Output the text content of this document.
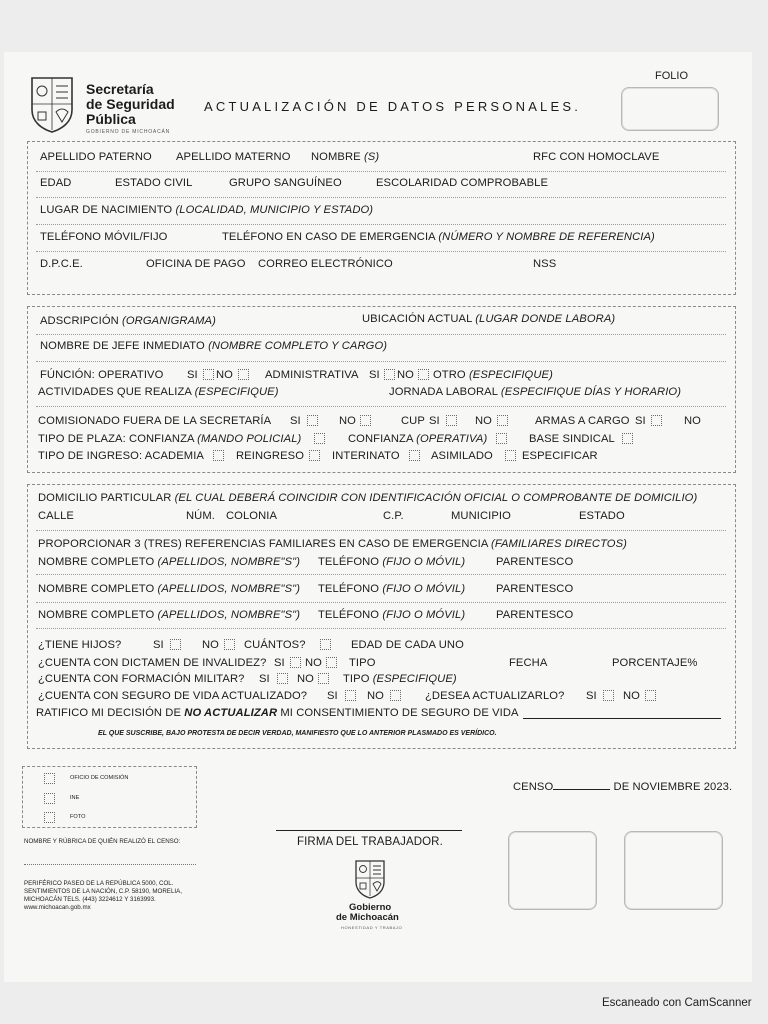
Secretaría
de Seguridad
Pública
GOBIERNO DE MICHOACÁN
ACTUALIZACIÓN DE DATOS PERSONALES.
FOLIO
APELLIDO PATERNO APELLIDO MATERNO NOMBRE (S)	RFC CON HOMOCLAVE
EDAD	ESTADO CIVIL	GRUPO SANGUÍNEO	ESCOLARIDAD COMPROBABLE
LUGAR DE NACIMIENTO (LOCALIDAD, MUNICIPIO Y ESTADO)
TELÉFONO MÓVIL/FIJO	TELÉFONO EN CASO DE EMERGENCIA (NÚMERO Y NOMBRE DE REFERENCIA)
D.P.C.E.	OFICINA DE PAGO CORREO ELECTRÓNICO	NSS
ADSCRIPCIÓN (ORGANIGRAMA)	UBICACIÓN ACTUAL (LUGAR DONDE LABORA)
NOMBRE DE JEFE INMEDIATO (NOMBRE COMPLETO Y CARGO)
FÚNCIÓN: OPERATIVO SI NO	ADMINISTRATIVA SI NO OTRO (ESPECIFIQUE)
ACTIVIDADES QUE REALIZA (ESPECIFIQUE)	JORNADA LABORAL (ESPECIFIQUE DÍAS Y HORARIO)
COMISIONADO FUERA DE LA SECRETARÍA SI	NO	CUP SI	NO	ARMAS A CARGO SI	NO
TIPO DE PLAZA: CONFIANZA (MANDO POLICIAL)	CONFIANZA (OPERATIVA)	BASE SINDICAL
TIPO DE INGRESO: ACADEMIA	REINGRESO INTERINATO	ASIMILADO	ESPECIFICAR
DOMICILIO PARTICULAR (EL CUAL DEBERÁ COINCIDIR CON IDENTIFICACIÓN OFICIAL O COMPROBANTE DE DOMICILIO)
CALLE	NÚM. COLONIA	C.P.	MUNICIPIO	ESTADO
PROPORCIONAR 3 (TRES) REFERENCIAS FAMILIARES EN CASO DE EMERGENCIA (FAMILIARES DIRECTOS)
NOMBRE COMPLETO (APELLIDOS, NOMBRE"S") TELÉFONO (FIJO O MÓVIL)	PARENTESCO
NOMBRE COMPLETO (APELLIDOS, NOMBRE"S") TELÉFONO (FIJO O MÓVIL)	PARENTESCO
NOMBRE COMPLETO (APELLIDOS, NOMBRE"S") TELÉFONO (FIJO O MÓVIL)	PARENTESCO
¿TIENE HIJOS?	SI	NO CUÁNTOS?	EDAD DE CADA UNO
¿CUENTA CON DICTAMEN DE INVALIDEZ? SI NO TIPO	FECHA	PORCENTAJE%
¿CUENTA CON FORMACIÓN MILITAR? SI NO	TIPO (ESPECIFIQUE)
¿CUENTA CON SEGURO DE VIDA ACTUALIZADO? SI	NO	¿DESEA ACTUALIZARLO? SI NO
RATIFICO MI DECISIÓN DE NO ACTUALIZAR MI CONSENTIMIENTO DE SEGURO DE VIDA
EL QUE SUSCRIBE, BAJO PROTESTA DE DECIR VERDAD, MANIFIESTO QUE LO ANTERIOR PLASMADO ES VERÍDICO.
OFICIO DE COMISIÓN
INE
FOTO
NOMBRE Y RÚBRICA DE QUIÉN REALIZÓ EL CENSO:
PERIFÉRICO PASEO DE LA REPÚBLICA 5000, COL. SENTIMIENTOS DE LA NACIÓN, C.P. 58190, MORELIA, MICHOACÁN TELS. (443) 3224612 Y 3163993. www.michoacan.gob.mx
CENSO	DE NOVIEMBRE 2023.
FIRMA DEL TRABAJADOR.
Gobierno
de Michoacán
HONESTIDAD Y TRABAJO
Escaneado con CamScanner
